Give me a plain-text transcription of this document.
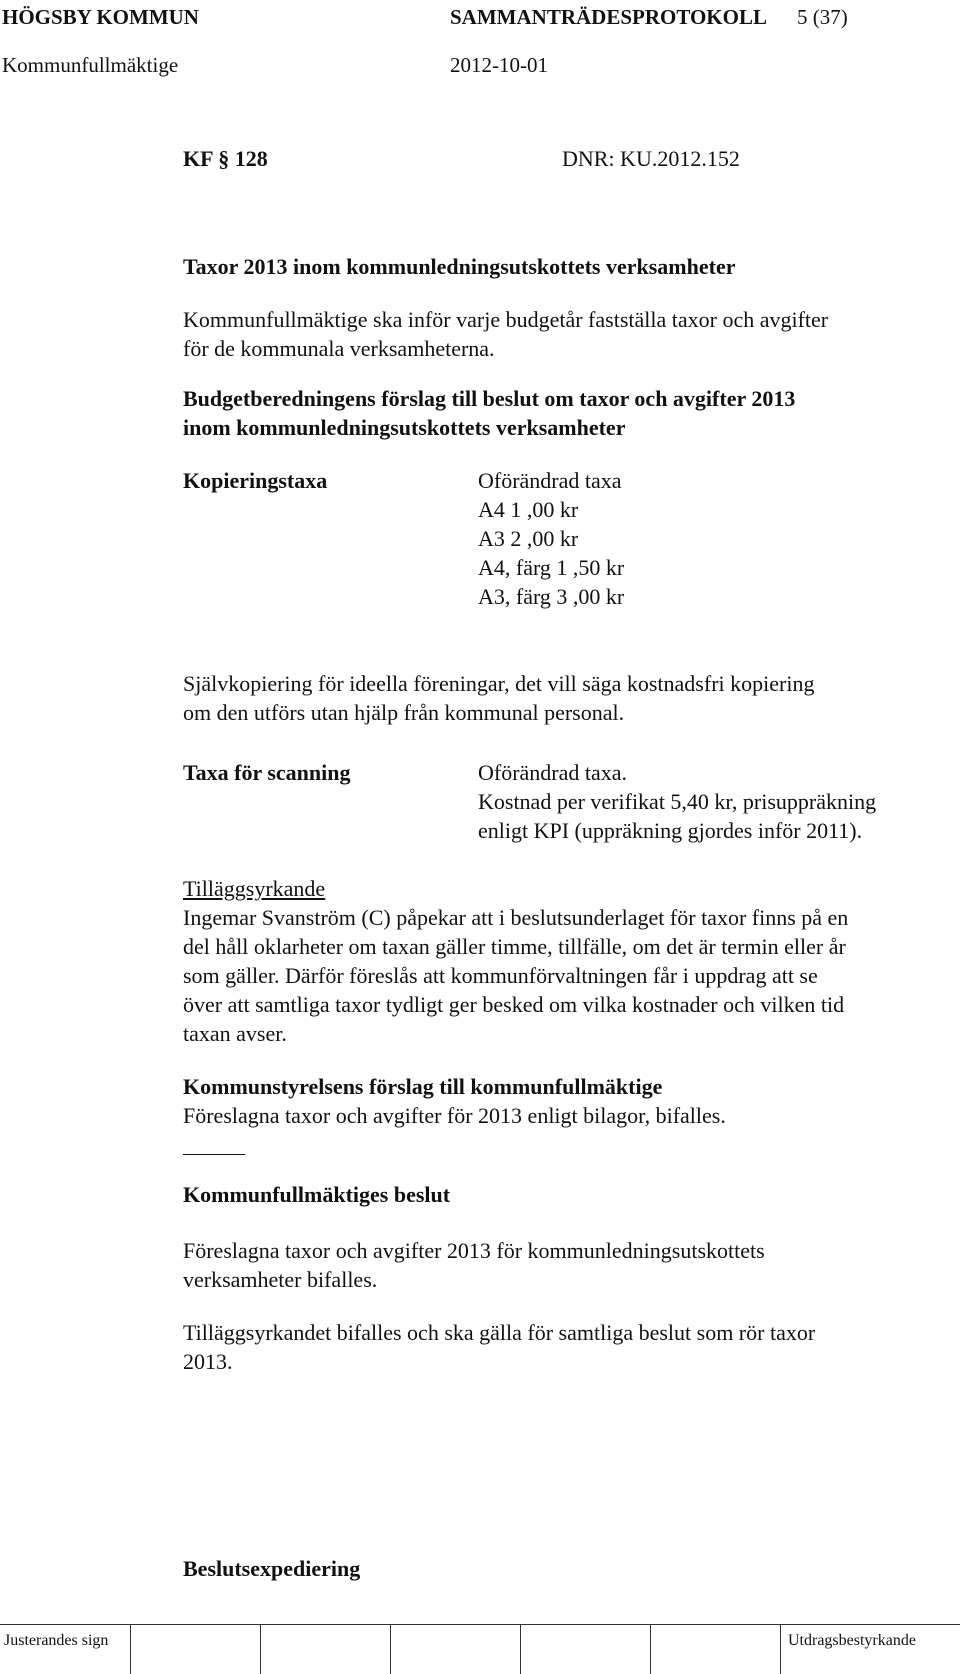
HÖGSBY KOMMUN	SAMMANTRÄDESPROTOKOLL 5 (37)

Kommunfullmäktige	2012-10-01

KF § 128	DNR: KU.2012.152

Taxor 2013 inom kommunledningsutskottets verksamheter

Kommunfullmäktige ska inför varje budgetår fastställa taxor och avgifter
för de kommunala verksamheterna.
Budgetberedningens förslag till beslut om taxor och avgifter 2013
inom kommunledningsutskottets verksamheter

Kopieringstaxa	Oförändrad taxa
A4 1 ,00 kr
A3 2 ,00 kr
A4, färg 1 ,50 kr
A3, färg 3 ,00 kr
Självkopiering för ideella föreningar, det vill säga kostnadsfri kopiering
om den utförs utan hjälp från kommunal personal.

Taxa för scanning	Oförändrad taxa.
Kostnad per verifikat 5,40 kr, prisuppräkning
enligt KPI (uppräkning gjordes inför 2011).
Tilläggsyrkande
Ingemar Svanström (C) påpekar att i beslutsunderlaget för taxor finns på en
del håll oklarheter om taxan gäller timme, tillfälle, om det är termin eller år
som gäller. Därför föreslås att kommunförvaltningen får i uppdrag att se
över att samtliga taxor tydligt ger besked om vilka kostnader och vilken tid
taxan avser.
Kommunstyrelsens förslag till kommunfullmäktige
Föreslagna taxor och avgifter för 2013 enligt bilagor, bifalles.

Kommunfullmäktiges beslut

Föreslagna taxor och avgifter 2013 för kommunledningsutskottets
verksamheter bifalles.
Tilläggsyrkandet bifalles och ska gälla för samtliga beslut som rör taxor
2013.

Beslutsexpediering

Justerandes sign	Utdragsbestyrkande
